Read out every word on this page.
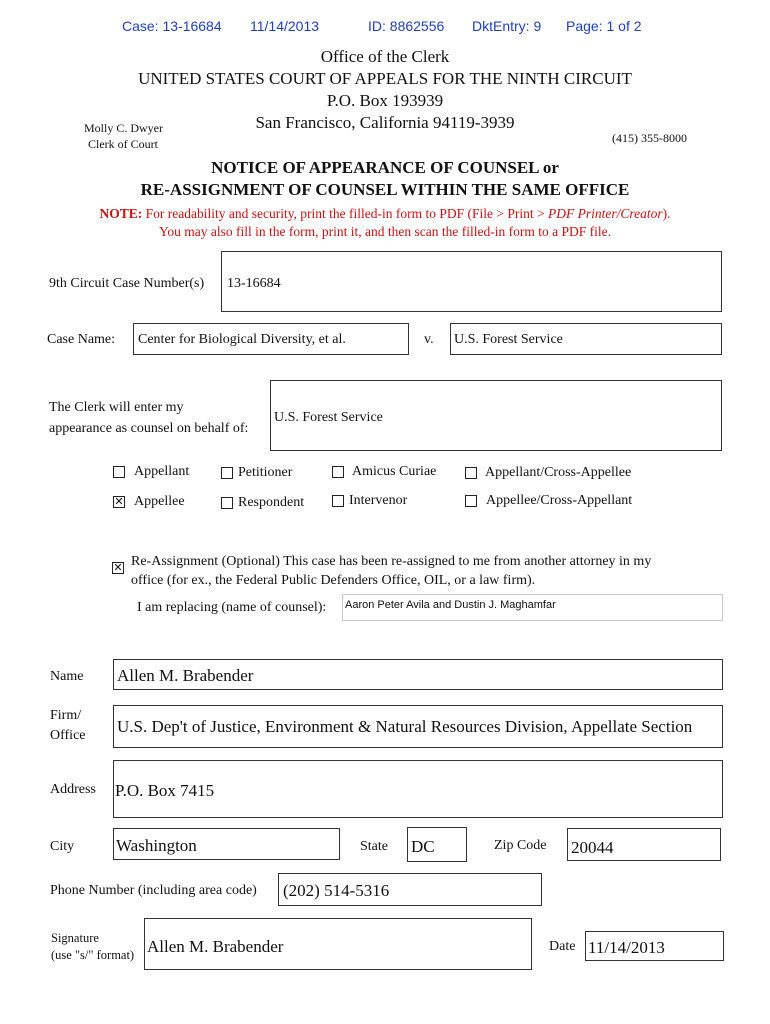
Case: 13-16684 11/14/2013	ID: 8862556 DktEntry: 9 Page: 1 of 2
Office of the Clerk
UNITED STATES COURT OF APPEALS FOR THE NINTH CIRCUIT
P.O. Box 193939
San Francisco, California 94119-3939
Molly C. Dwyer
Clerk of Court	(415) 355-8000
NOTICE OF APPEARANCE OF COUNSEL or
RE-ASSIGNMENT OF COUNSEL WITHIN THE SAME OFFICE
NOTE: For readability and security, print the filled-in form to PDF (File > Print > PDF Printer/Creator).
You may also fill in the form, print it, and then scan the filled-in form to a PDF file.
9th Circuit Case Number(s) 13-16684
Case Name: Center for Biological Diversity, et al.	v. U.S. Forest Service
The Clerk will enter my
appearance as counsel on behalf of:
U.S. Forest Service
Appellant	Petitioner	Amicus Curiae	Appellant/Cross-Appellee
✕ Appellee	Respondent	Intervenor	Appellee/Cross-Appellant
✕ Re-Assignment (Optional) This case has been re-assigned to me from another attorney in my
office (for ex., the Federal Public Defenders Office, OIL, or a law firm).
I am replacing (name of counsel): Aaron Peter Avila and Dustin J. Maghamfar
Name Allen M. Brabender
Firm/
Office U.S. Dep't of Justice, Environment & Natural Resources Division, Appellate Section
Address P.O. Box 7415
City Washington	State DC	Zip Code 20044
Phone Number (including area code) (202) 514-5316
Signature
(use "s/" format) Allen M. Brabender	Date 11/14/2013
